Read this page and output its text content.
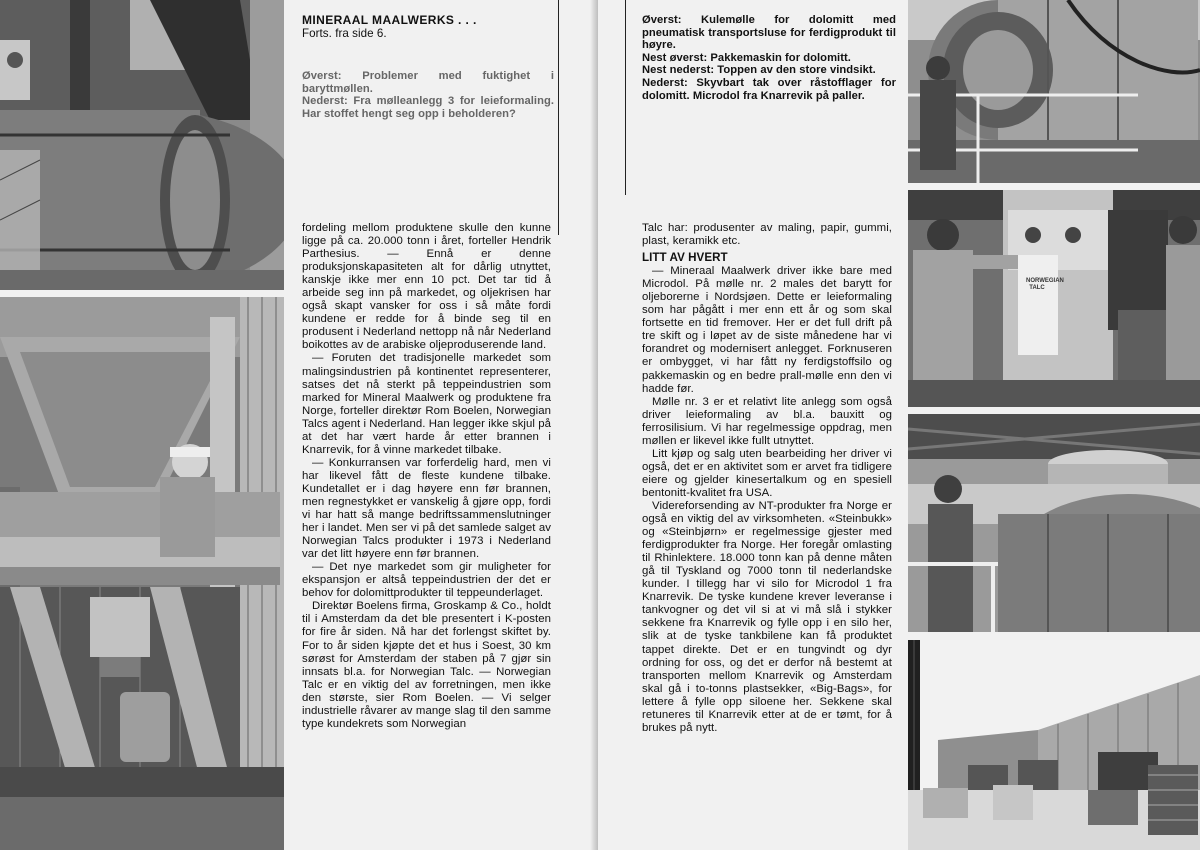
MINERAAL MAALWERKS . . .
Forts. fra side 6.

Øverst: Problemer med fuktighet i baryttmøllen.

Nederst: Fra mølleanlegg 3 for leieformaling. Har stoffet hengt seg opp i beholderen?

fordeling mellom produktene skulle den kunne ligge på ca. 20.000 tonn i året, forteller Hendrik Parthesius. — Ennå er denne produksjonskapasiteten alt for dårlig utnyttet, kanskje ikke mer enn 10 pct. Det tar tid å arbeide seg inn på markedet, og oljekrisen har også skapt vansker for oss i så måte fordi kundene er redde for å binde seg til en produsent i Nederland nettopp nå når Nederland boikottes av de arabiske oljeproduserende land.

— Foruten det tradisjonelle markedet som malingsindustrien på kontinentet representerer, satses det nå sterkt på teppeindustrien som marked for Mineral Maalwerk og produktene fra Norge, forteller direktør Rom Boelen, Norwegian Talcs agent i Nederland. Han legger ikke skjul på at det har vært harde år etter brannen i Knarrevik, for å vinne markedet tilbake.

— Konkurransen var forferdelig hard, men vi har likevel fått de fleste kundene tilbake. Kundetallet er i dag høyere enn før brannen, men regnestykket er vanskelig å gjøre opp, fordi vi har hatt så mange bedriftssammenslutninger her i landet. Men ser vi på det samlede salget av Norwegian Talcs produkter i 1973 i Nederland var det litt høyere enn før brannen.

— Det nye markedet som gir muligheter for ekspansjon er altså teppeindustrien der det er behov for dolomittprodukter til teppeunderlaget.

Direktør Boelens firma, Groskamp & Co., holdt til i Amsterdam da det ble presentert i K-posten for fire år siden. Nå har det forlengst skiftet by. For to år siden kjøpte det et hus i Soest, 30 km sørøst for Amsterdam der staben på 7 gjør sin innsats bl.a. for Norwegian Talc. — Norwegian Talc er en viktig del av forretningen, men ikke den største, sier Rom Boelen. — Vi selger industrielle råvarer av mange slag til den samme type kundekrets som Norwegian

Øverst: Kulemølle for dolomitt med pneumatisk transportsluse for ferdigprodukt til høyre.

Nest øverst: Pakkemaskin for dolomitt.

Nest nederst: Toppen av den store vindsikt.

Nederst: Skyvbart tak over råstofflager for dolomitt. Microdol fra Knarrevik på paller.

Talc har: produsenter av maling, papir, gummi, plast, keramikk etc.

LITT AV HVERT

— Mineraal Maalwerk driver ikke bare med Microdol. På mølle nr. 2 males det barytt for oljeborerne i Nordsjøen. Dette er leieformaling som har pågått i mer enn ett år og som skal fortsette en tid fremover. Her er det full drift på tre skift og i løpet av de siste månedene har vi forandret og modernisert anlegget. Forknuseren er ombygget, vi har fått ny ferdigstoffsilo og pakkemaskin og en bedre prall-mølle enn den vi hadde før.

Mølle nr. 3 er et relativt lite anlegg som også driver leieformaling av bl.a. bauxitt og ferrosilisium. Vi har regelmessige oppdrag, men møllen er likevel ikke fullt utnyttet.

Litt kjøp og salg uten bearbeiding her driver vi også, det er en aktivitet som er arvet fra tidligere eiere og gjelder kinesertalkum og en spesiell bentonitt-kvalitet fra USA.

Videreforsending av NT-produkter fra Norge er også en viktig del av virksomheten. «Steinbukk» og «Steinbjørn» er regelmessige gjester med ferdigprodukter fra Norge. Her foregår omlasting til Rhinlektere. 18.000 tonn kan på denne måten gå til Tyskland og 7000 tonn til nederlandske kunder. I tillegg har vi silo for Microdol 1 fra Knarrevik. De tyske kundene krever leveranse i tankvogner og det vil si at vi må slå i stykker sekkene fra Knarrevik og fylle opp i en silo her, slik at de tyske tankbilene kan få produktet tappet direkte. Det er en tungvindt og dyr ordning for oss, og det er derfor nå bestemt at transporten mellom Knarrevik og Amsterdam skal gå i to-tonns plastsekker, «Big-Bags», for lettere å fylle opp siloene her. Sekkene skal retuneres til Knarrevik etter at de er tømt, for å brukes på nytt.

NORWEGIAN TALC
